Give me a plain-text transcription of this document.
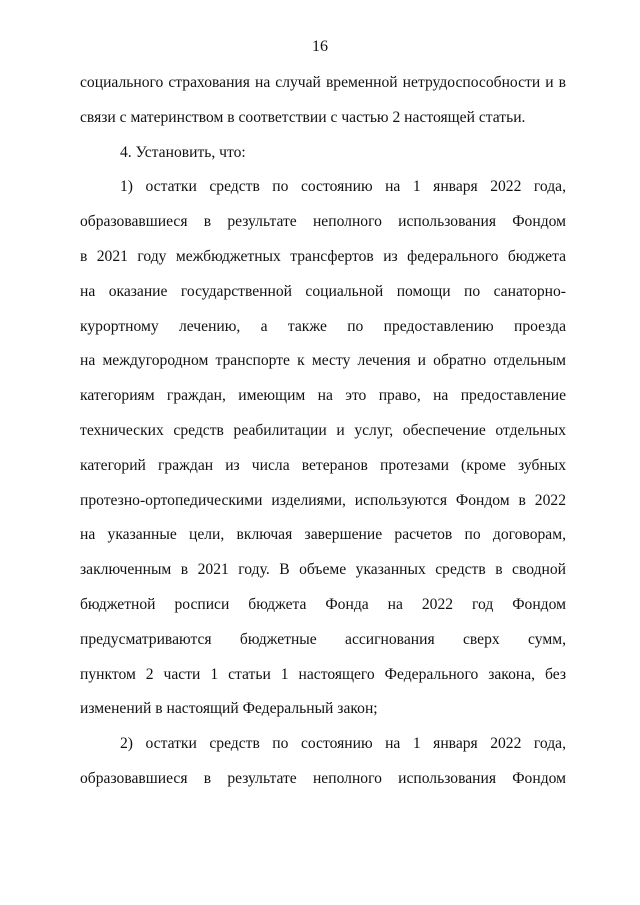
16
социального страхования на случай временной нетрудоспособности и в
связи с материнством в соответствии с частью 2 настоящей статьи.
4. Установить, что:
1) остатки средств по состоянию на 1 января 2022 года,
образовавшиеся в результате неполного использования Фондом
в 2021 году межбюджетных трансфертов из федерального бюджета
на оказание государственной социальной помощи по санаторно-
курортному лечению, а также по предоставлению проезда
на междугородном транспорте к месту лечения и обратно отдельным
категориям граждан, имеющим на это право, на предоставление
технических средств реабилитации и услуг, обеспечение отдельных
категорий граждан из числа ветеранов протезами (кроме зубных
протезно-ортопедическими изделиями, используются Фондом в 2022
на указанные цели, включая завершение расчетов по договорам,
заключенным в 2021 году. В объеме указанных средств в сводной
бюджетной росписи бюджета Фонда на 2022 год Фондом
предусматриваются бюджетные ассигнования сверх сумм,
пунктом 2 части 1 статьи 1 настоящего Федерального закона, без
изменений в настоящий Федеральный закон;
2) остатки средств по состоянию на 1 января 2022 года,
образовавшиеся в результате неполного использования Фондом
